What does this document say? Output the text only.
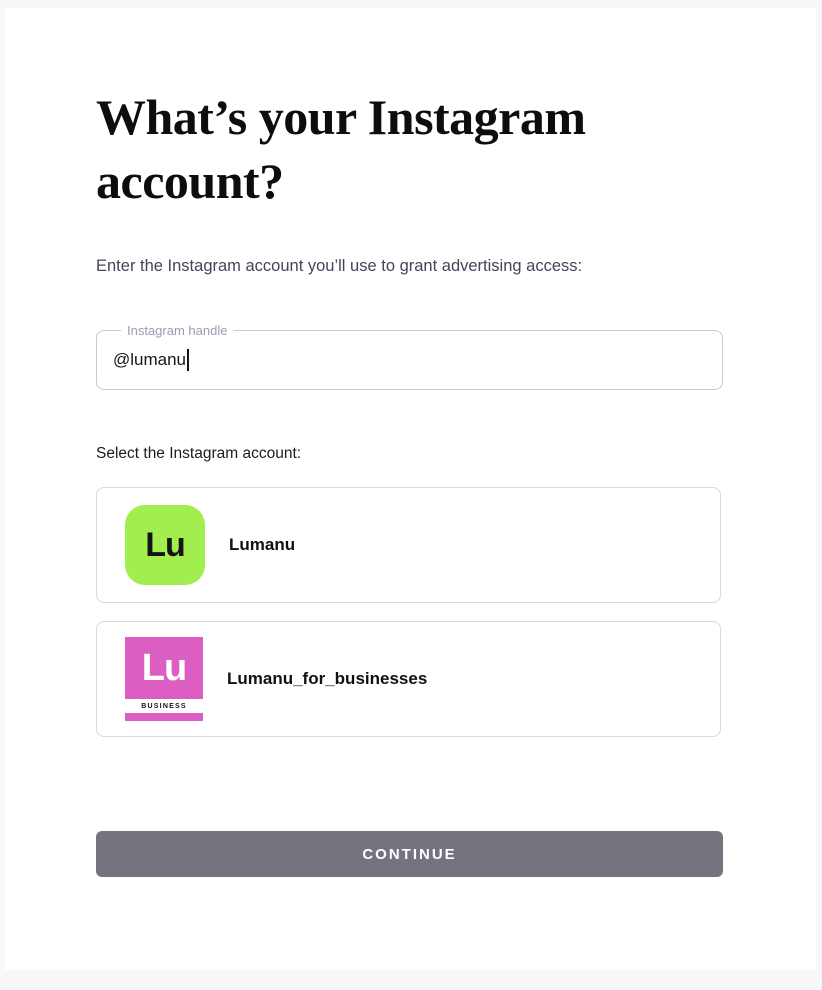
What’s your Instagram account?

Enter the Instagram account you’ll use to grant advertising access:

Instagram handle
@lumanu

Select the Instagram account:

Lu	Lumanu
Lu
BUSINESS
Lumanu_for_businesses
CONTINUE
